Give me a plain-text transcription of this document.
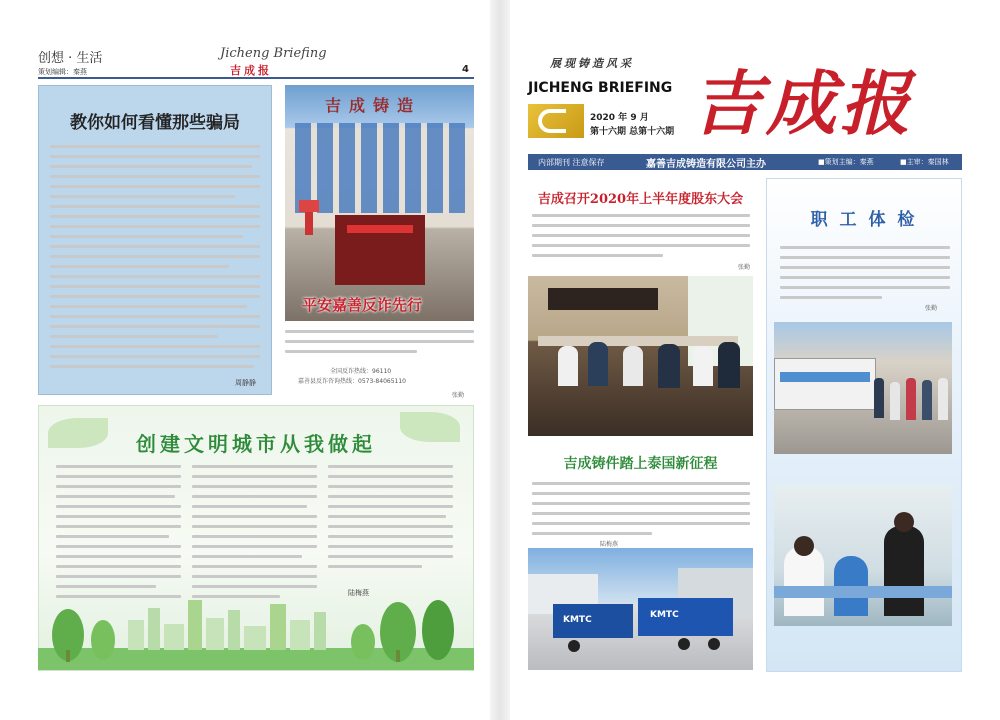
创想 · 生活	Jicheng Briefing
策划编辑：秦燕	吉成报	4
教你如何看懂那些骗局
周静静
吉成铸造
平安嘉善反诈先行
全国反诈热线：96110
嘉善县反诈咨询热线：0573-84065110
张勤
创建文明城市从我做起
陆梅燕
展现铸造风采
JICHENG BRIEFING
2020 年 9 月
第十六期 总第十六期 吉成报
内部期刊 注意保存	嘉善吉成铸造有限公司主办	■策划主编：秦燕	■主审：秦国林
吉成召开2020年上半年度股东大会
张勤
吉成铸件踏上泰国新征程
陆梅燕
KMTC	KMTC
职 工 体 检
张勤
